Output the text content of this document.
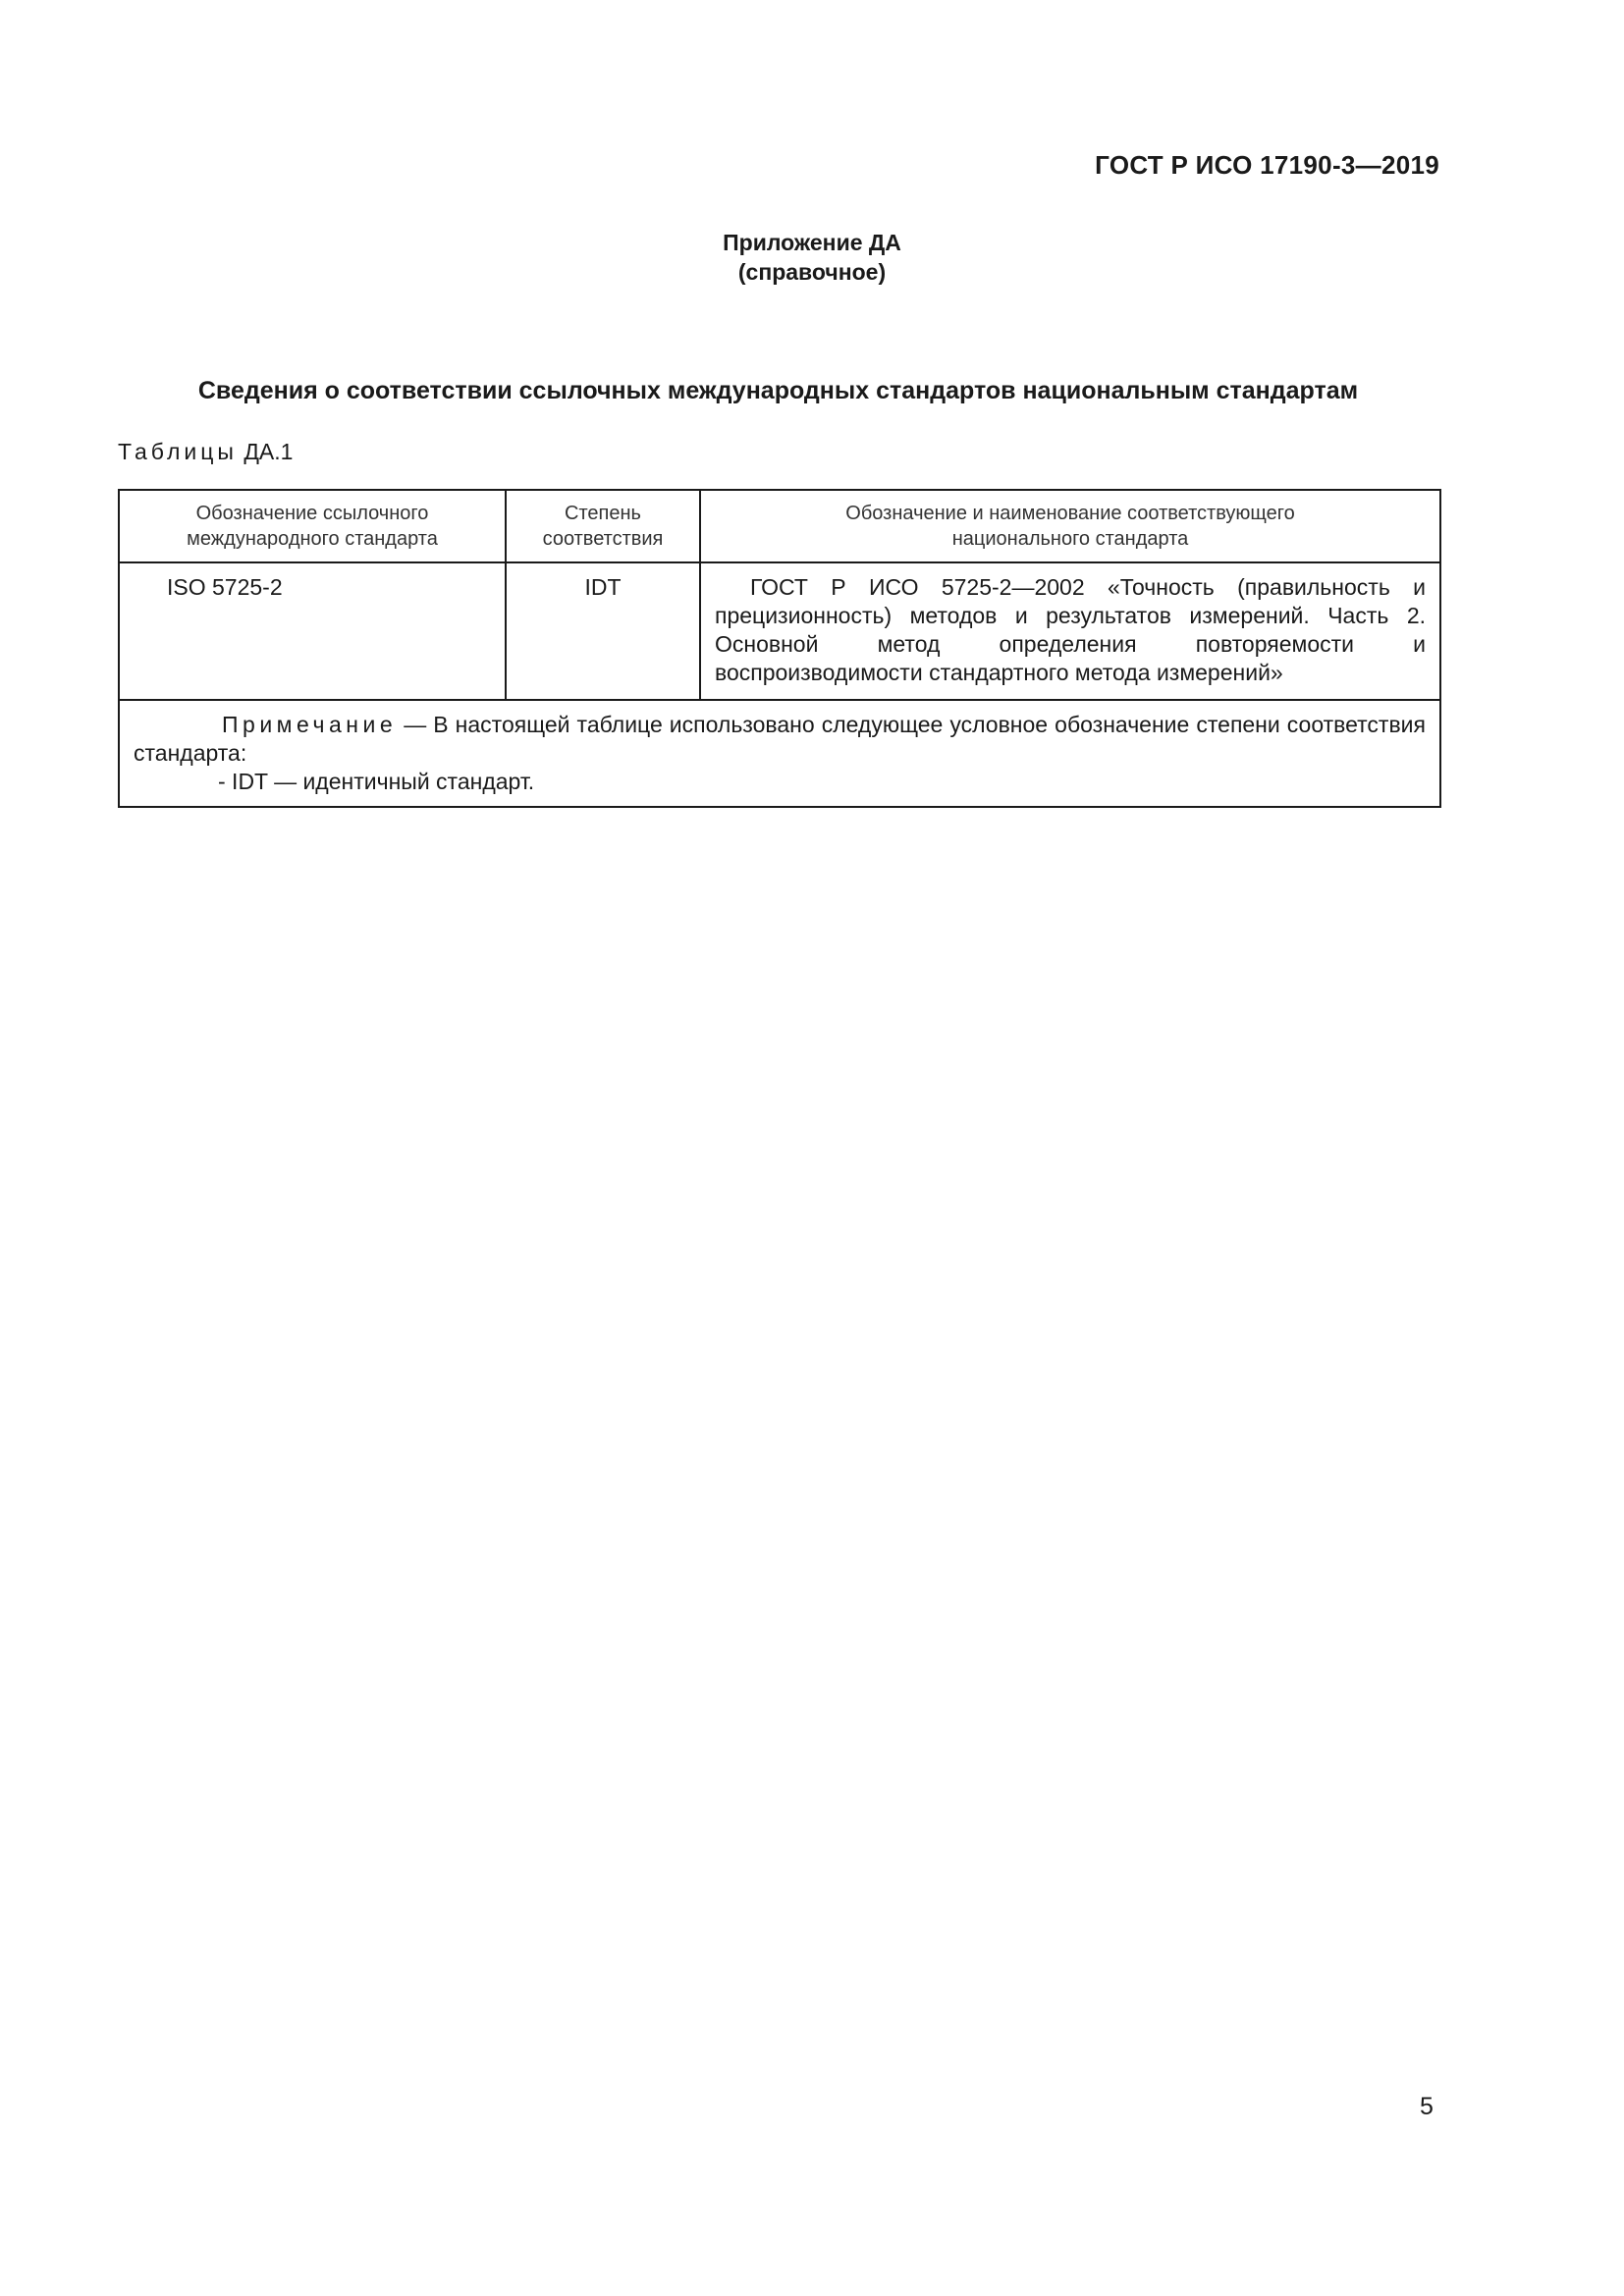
ГОСТ Р ИСО 17190-3—2019
Приложение ДА
(справочное)
Сведения о соответствии ссылочных международных стандартов национальным стандартам
Таблицы ДА.1
Обозначение ссылочного международного стандарта	Степень соответствия	Обозначение и наименование соответствующего национального стандарта

ISO 5725-2	IDT	ГОСТ Р ИСО 5725-2—2002 «Точность (правильность и прецизионность) методов и результатов измерений. Часть 2. Основной метод определения повторяемости и воспроизводимости стандартного метода измерений»

Примечание — В настоящей таблице использовано следующее условное обозначение степени соответствия стандарта:
- IDT — идентичный стандарт.		
5
